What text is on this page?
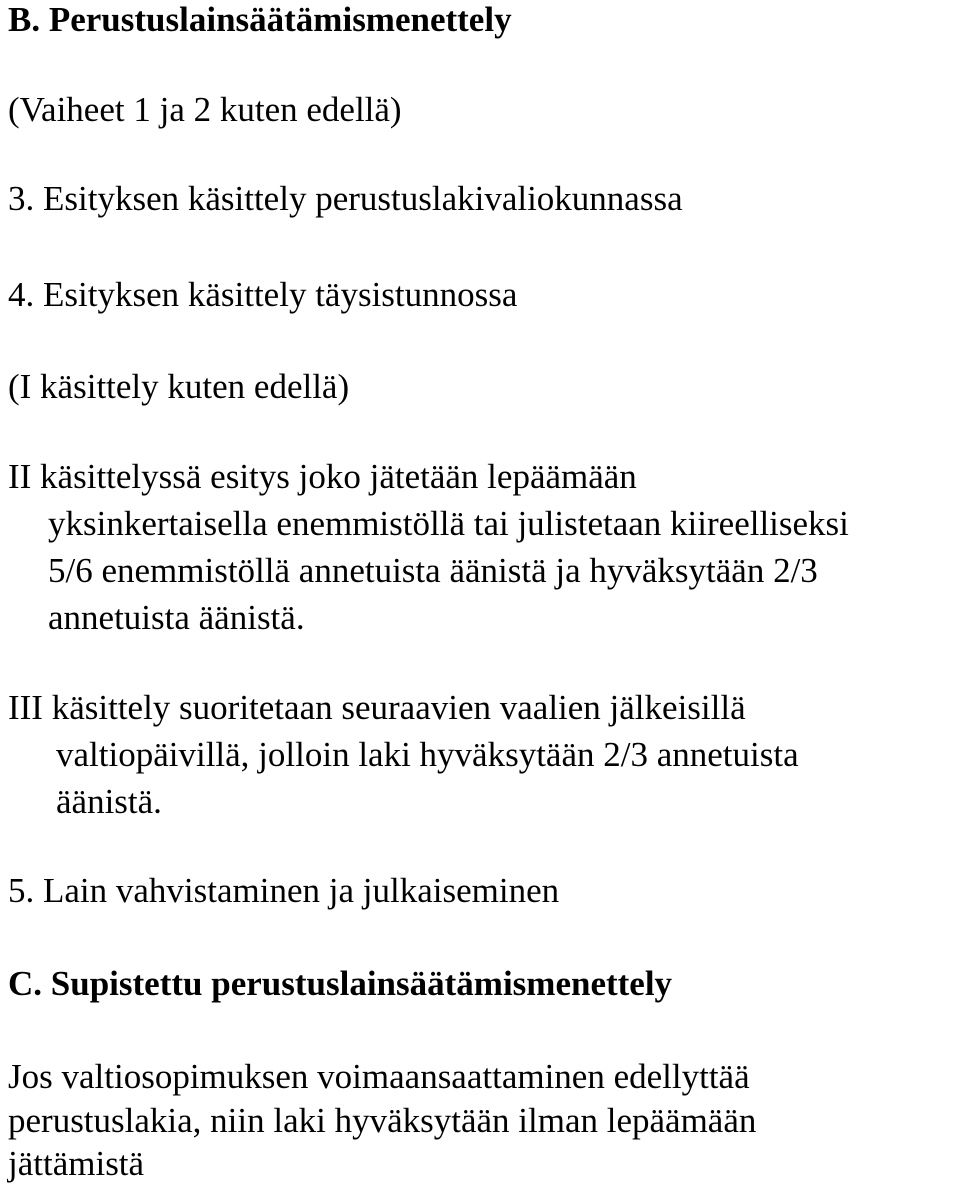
B. Perustuslainsäätämismenettely

(Vaiheet 1 ja 2 kuten edellä)

3. Esityksen käsittely perustuslakivaliokunnassa

4. Esityksen käsittely täysistunnossa

(I käsittely kuten edellä)

II käsittelyssä esitys joko jätetään lepäämään

yksinkertaisella enemmistöllä tai julistetaan kiireelliseksi

5/6 enemmistöllä annetuista äänistä ja hyväksytään 2/3

annetuista äänistä.

III käsittely suoritetaan seuraavien vaalien jälkeisillä

valtiopäivillä, jolloin laki hyväksytään 2/3 annetuista

äänistä.

5. Lain vahvistaminen ja julkaiseminen

C. Supistettu perustuslainsäätämismenettely

Jos valtiosopimuksen voimaansaattaminen edellyttää

perustuslakia, niin laki hyväksytään ilman lepäämään

jättämistä
